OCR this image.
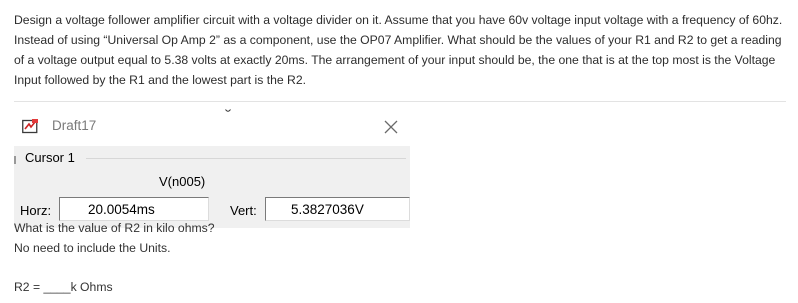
Design a voltage follower amplifier circuit with a voltage divider on it. Assume that you have 60v voltage input voltage with a frequency of 60hz. Instead of using “Universal Op Amp 2” as a component, use the OP07 Amplifier. What should be the values of your R1 and R2 to get a reading of a voltage output equal to 5.38 volts at exactly 20ms. The arrangement of your input should be, the one that is at the top most is the Voltage Input followed by the R1 and the lowest part is the R2.
Draft17
Cursor 1
V(n005)
Horz:	20.0054ms	Vert:	5.3827036V
What is the value of R2 in kilo ohms?
No need to include the Units.
R2 = ____k Ohms
